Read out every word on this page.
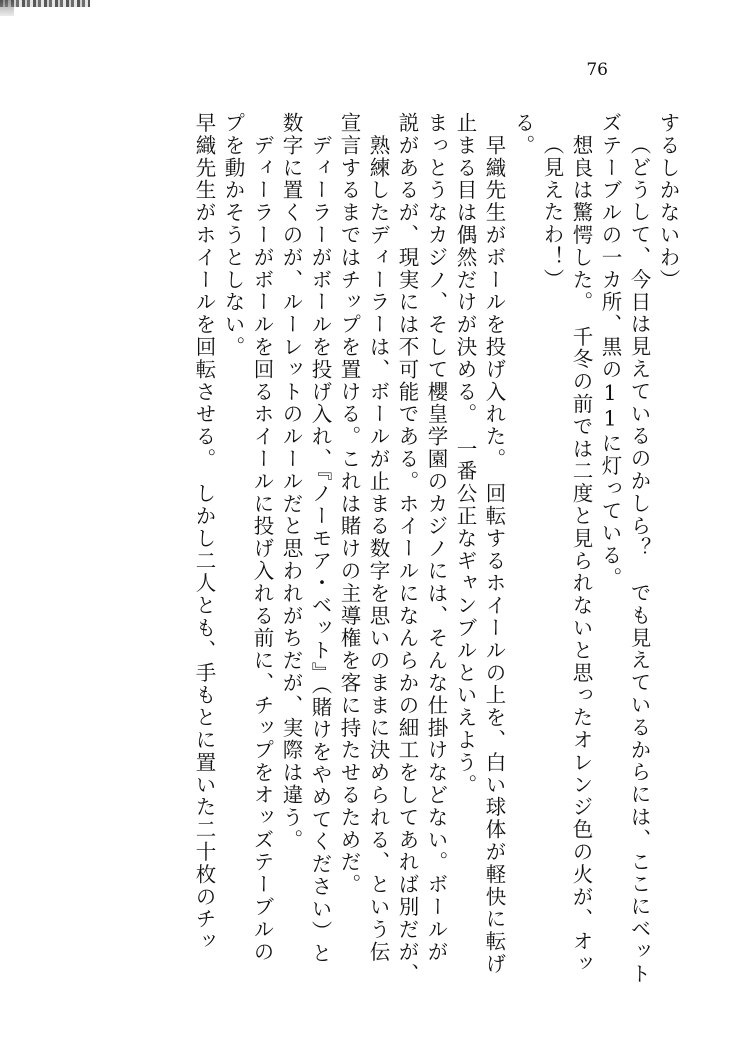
76
早織先生がホイールを回転させる。　しかし二人とも、手もとに置いた二十枚のチッ プを動かそうとしない。 　ディーラーがボールを回るホイールに投げ入れる前に、チップをオッズテーブルの 数字に置くのが、ルーレットのルールだと思われがちだが、実際は違う。 　ディーラーがボールを投げ入れ、『ノーモア・ベット』（賭けをやめてください）と 宣言するまではチップを置ける。これは賭けの主導権を客に持たせるためだ。 　熟練したディーラーは、ボールが止まる数字を思いのままに決められる、という伝 説があるが、現実には不可能である。ホイールになんらかの細工をしてあれば別だが、 まっとうなカジノ、そして櫻皇学園のカジノには、そんな仕掛けなどない。ボールが 止まる目は偶然だけが決める。　一番公正なギャンブルといえよう。 　早織先生がボールを投げ入れた。　回転するホイールの上を、白い球体が軽快に転げ る。 （見えたわ！） 　想良は驚愕した。　千冬の前では二度と見られないと思ったオレンジ色の火が、オッ ズテーブルの一カ所、黒の11に灯っている。 （どうして、今日は見えているのかしら？　でも見えているからには、ここにベット するしかないわ）
